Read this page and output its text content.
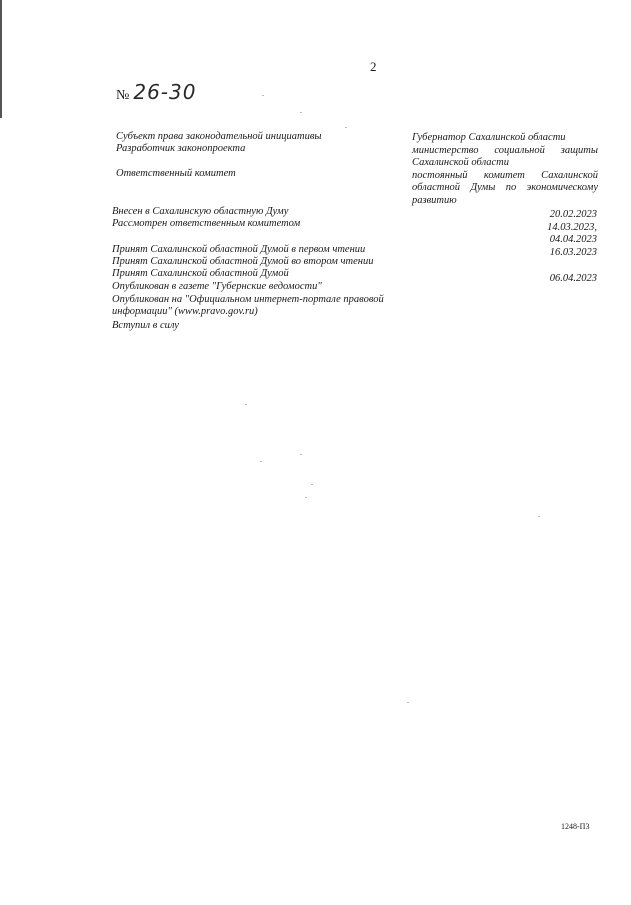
2
№ 26-30
Субъект права законодательной инициативы
Разработчик законопроекта
Ответственный комитет
Внесен в Сахалинскую областную Думу
Рассмотрен ответственным комитетом
Принят Сахалинской областной Думой в первом чтении
Принят Сахалинской областной Думой во втором чтении
Принят Сахалинской областной Думой
Опубликован в газете "Губернские ведомости"
Опубликован на "Официальном интернет-портале правовой
информации" (www.pravo.gov.ru)
Вступил в силу
Губернатор Сахалинской области
министерство социальной защиты
Сахалинской области
постоянный комитет Сахалинской
областной Думы по экономическому
развитию
20.02.2023
14.03.2023,
04.04.2023
16.03.2023
06.04.2023
1248-П3
